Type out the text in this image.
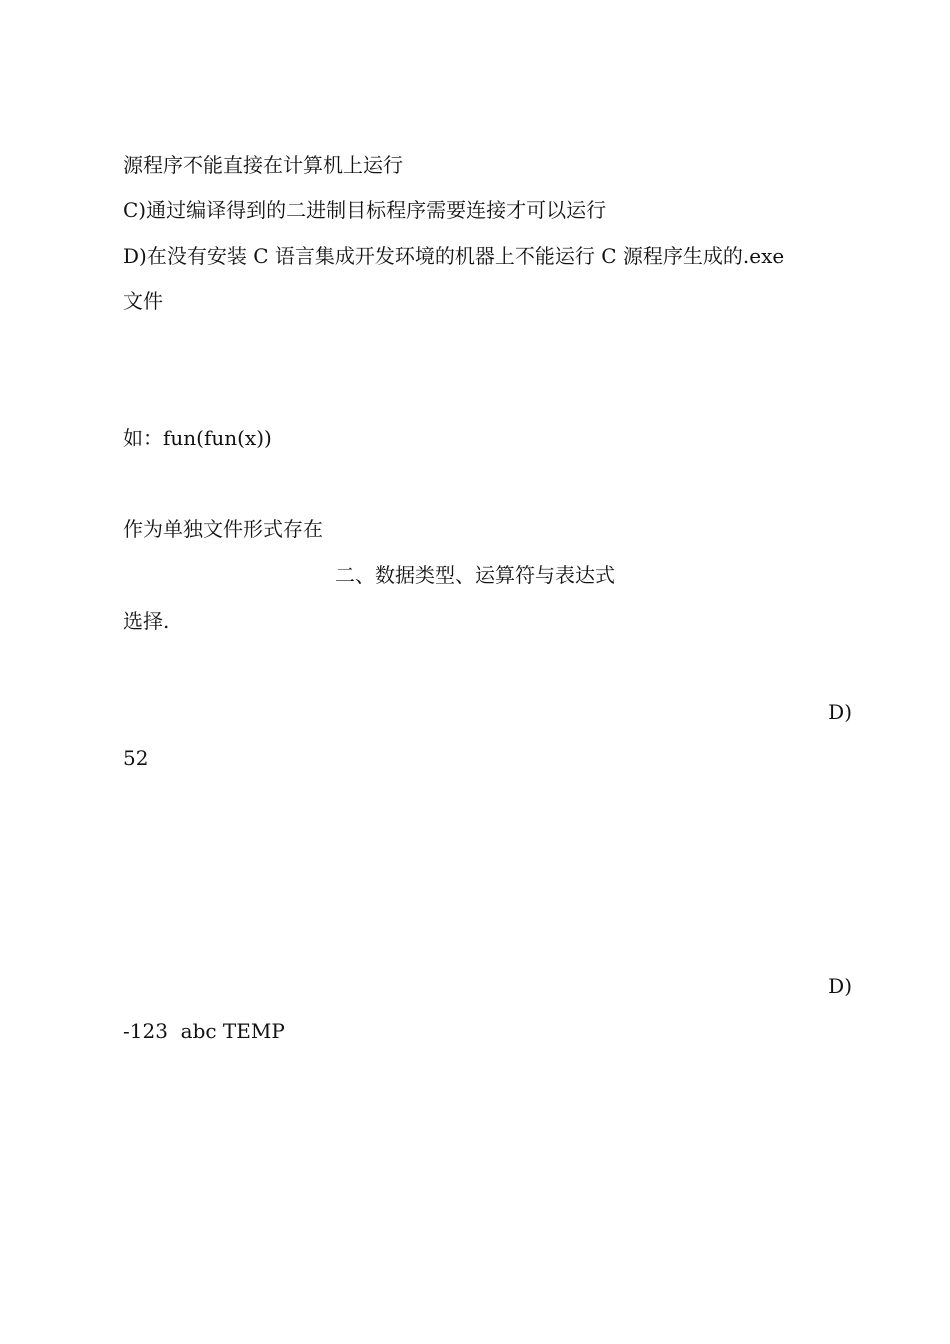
源程序不能直接在计算机上运行
C)通过编译得到的二进制目标程序需要连接才可以运行
D)在没有安装 C 语言集成开发环境的机器上不能运行 C 源程序生成的.exe
文件

如：fun(fun(x))

作为单独文件形式存在
二、数据类型、运算符与表达式
选择.

D)

52

D)

-123  abc TEMP
